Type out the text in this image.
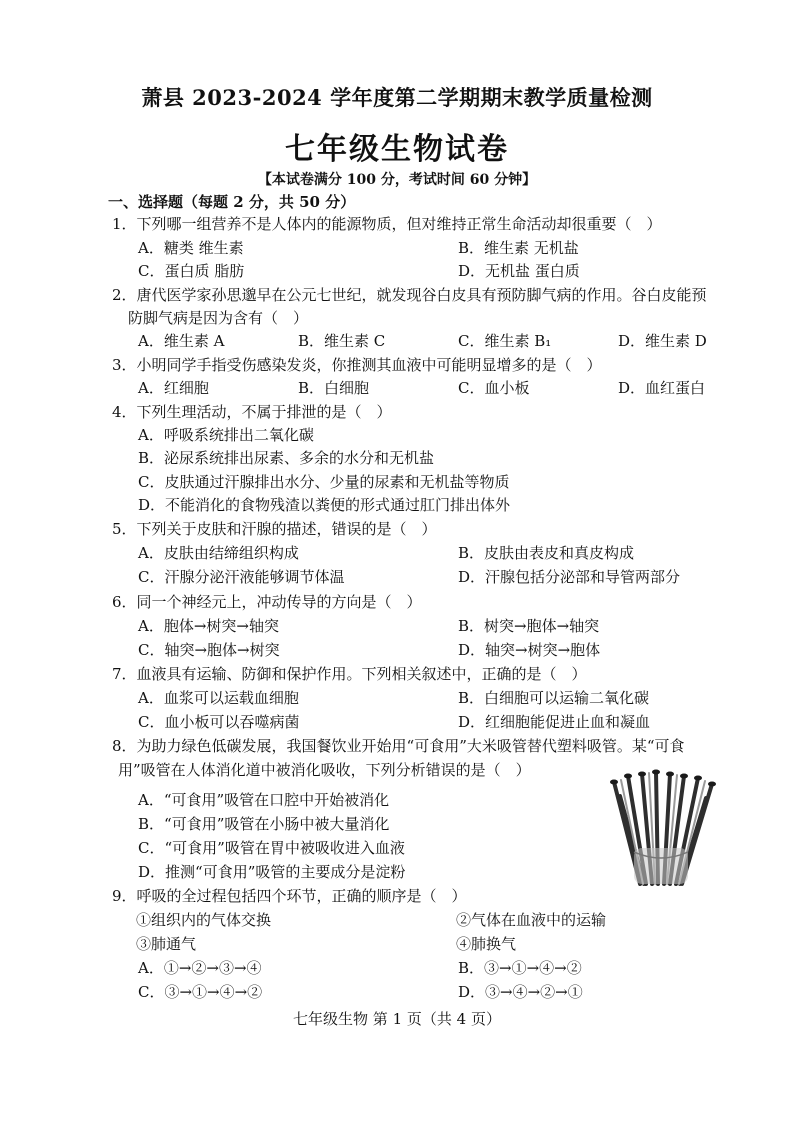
萧县 2023-2024 学年度第二学期期末教学质量检测
七年级生物试卷
【本试卷满分 100 分，考试时间 60 分钟】
一、选择题（每题 2 分，共 50 分）
1．下列哪一组营养不是人体内的能源物质，但对维持正常生命活动却很重要（　）
A．糖类 维生素	B．维生素 无机盐
C．蛋白质 脂肪	D．无机盐 蛋白质
2．唐代医学家孙思邈早在公元七世纪，就发现谷白皮具有预防脚气病的作用。谷白皮能预
防脚气病是因为含有（　）
A．维生素 A	B．维生素 C	C．维生素 B₁	D．维生素 D
3．小明同学手指受伤感染发炎，你推测其血液中可能明显增多的是（　）
A．红细胞	B．白细胞	C．血小板	D．血红蛋白
4．下列生理活动，不属于排泄的是（　）
A．呼吸系统排出二氧化碳
B．泌尿系统排出尿素、多余的水分和无机盐
C．皮肤通过汗腺排出水分、少量的尿素和无机盐等物质
D．不能消化的食物残渣以粪便的形式通过肛门排出体外
5．下列关于皮肤和汗腺的描述，错误的是（　）
A．皮肤由结缔组织构成	B．皮肤由表皮和真皮构成
C．汗腺分泌汗液能够调节体温	D．汗腺包括分泌部和导管两部分
6．同一个神经元上，冲动传导的方向是（　）
A．胞体→树突→轴突	B．树突→胞体→轴突
C．轴突→胞体→树突	D．轴突→树突→胞体
7．血液具有运输、防御和保护作用。下列相关叙述中，正确的是（　）
A．血浆可以运载血细胞	B．白细胞可以运输二氧化碳
C．血小板可以吞噬病菌	D．红细胞能促进止血和凝血
8．为助力绿色低碳发展，我国餐饮业开始用“可食用”大米吸管替代塑料吸管。某“可食
用”吸管在人体消化道中被消化吸收，下列分析错误的是（　）
A．“可食用”吸管在口腔中开始被消化
B．“可食用”吸管在小肠中被大量消化
C．“可食用”吸管在胃中被吸收进入血液
D．推测“可食用”吸管的主要成分是淀粉
9．呼吸的全过程包括四个环节，正确的顺序是（　）
①组织内的气体交换	②气体在血液中的运输
③肺通气	④肺换气
A．①→②→③→④	B．③→①→④→②
C．③→①→④→②	D．③→④→②→①
七年级生物 第 1 页（共 4 页）
